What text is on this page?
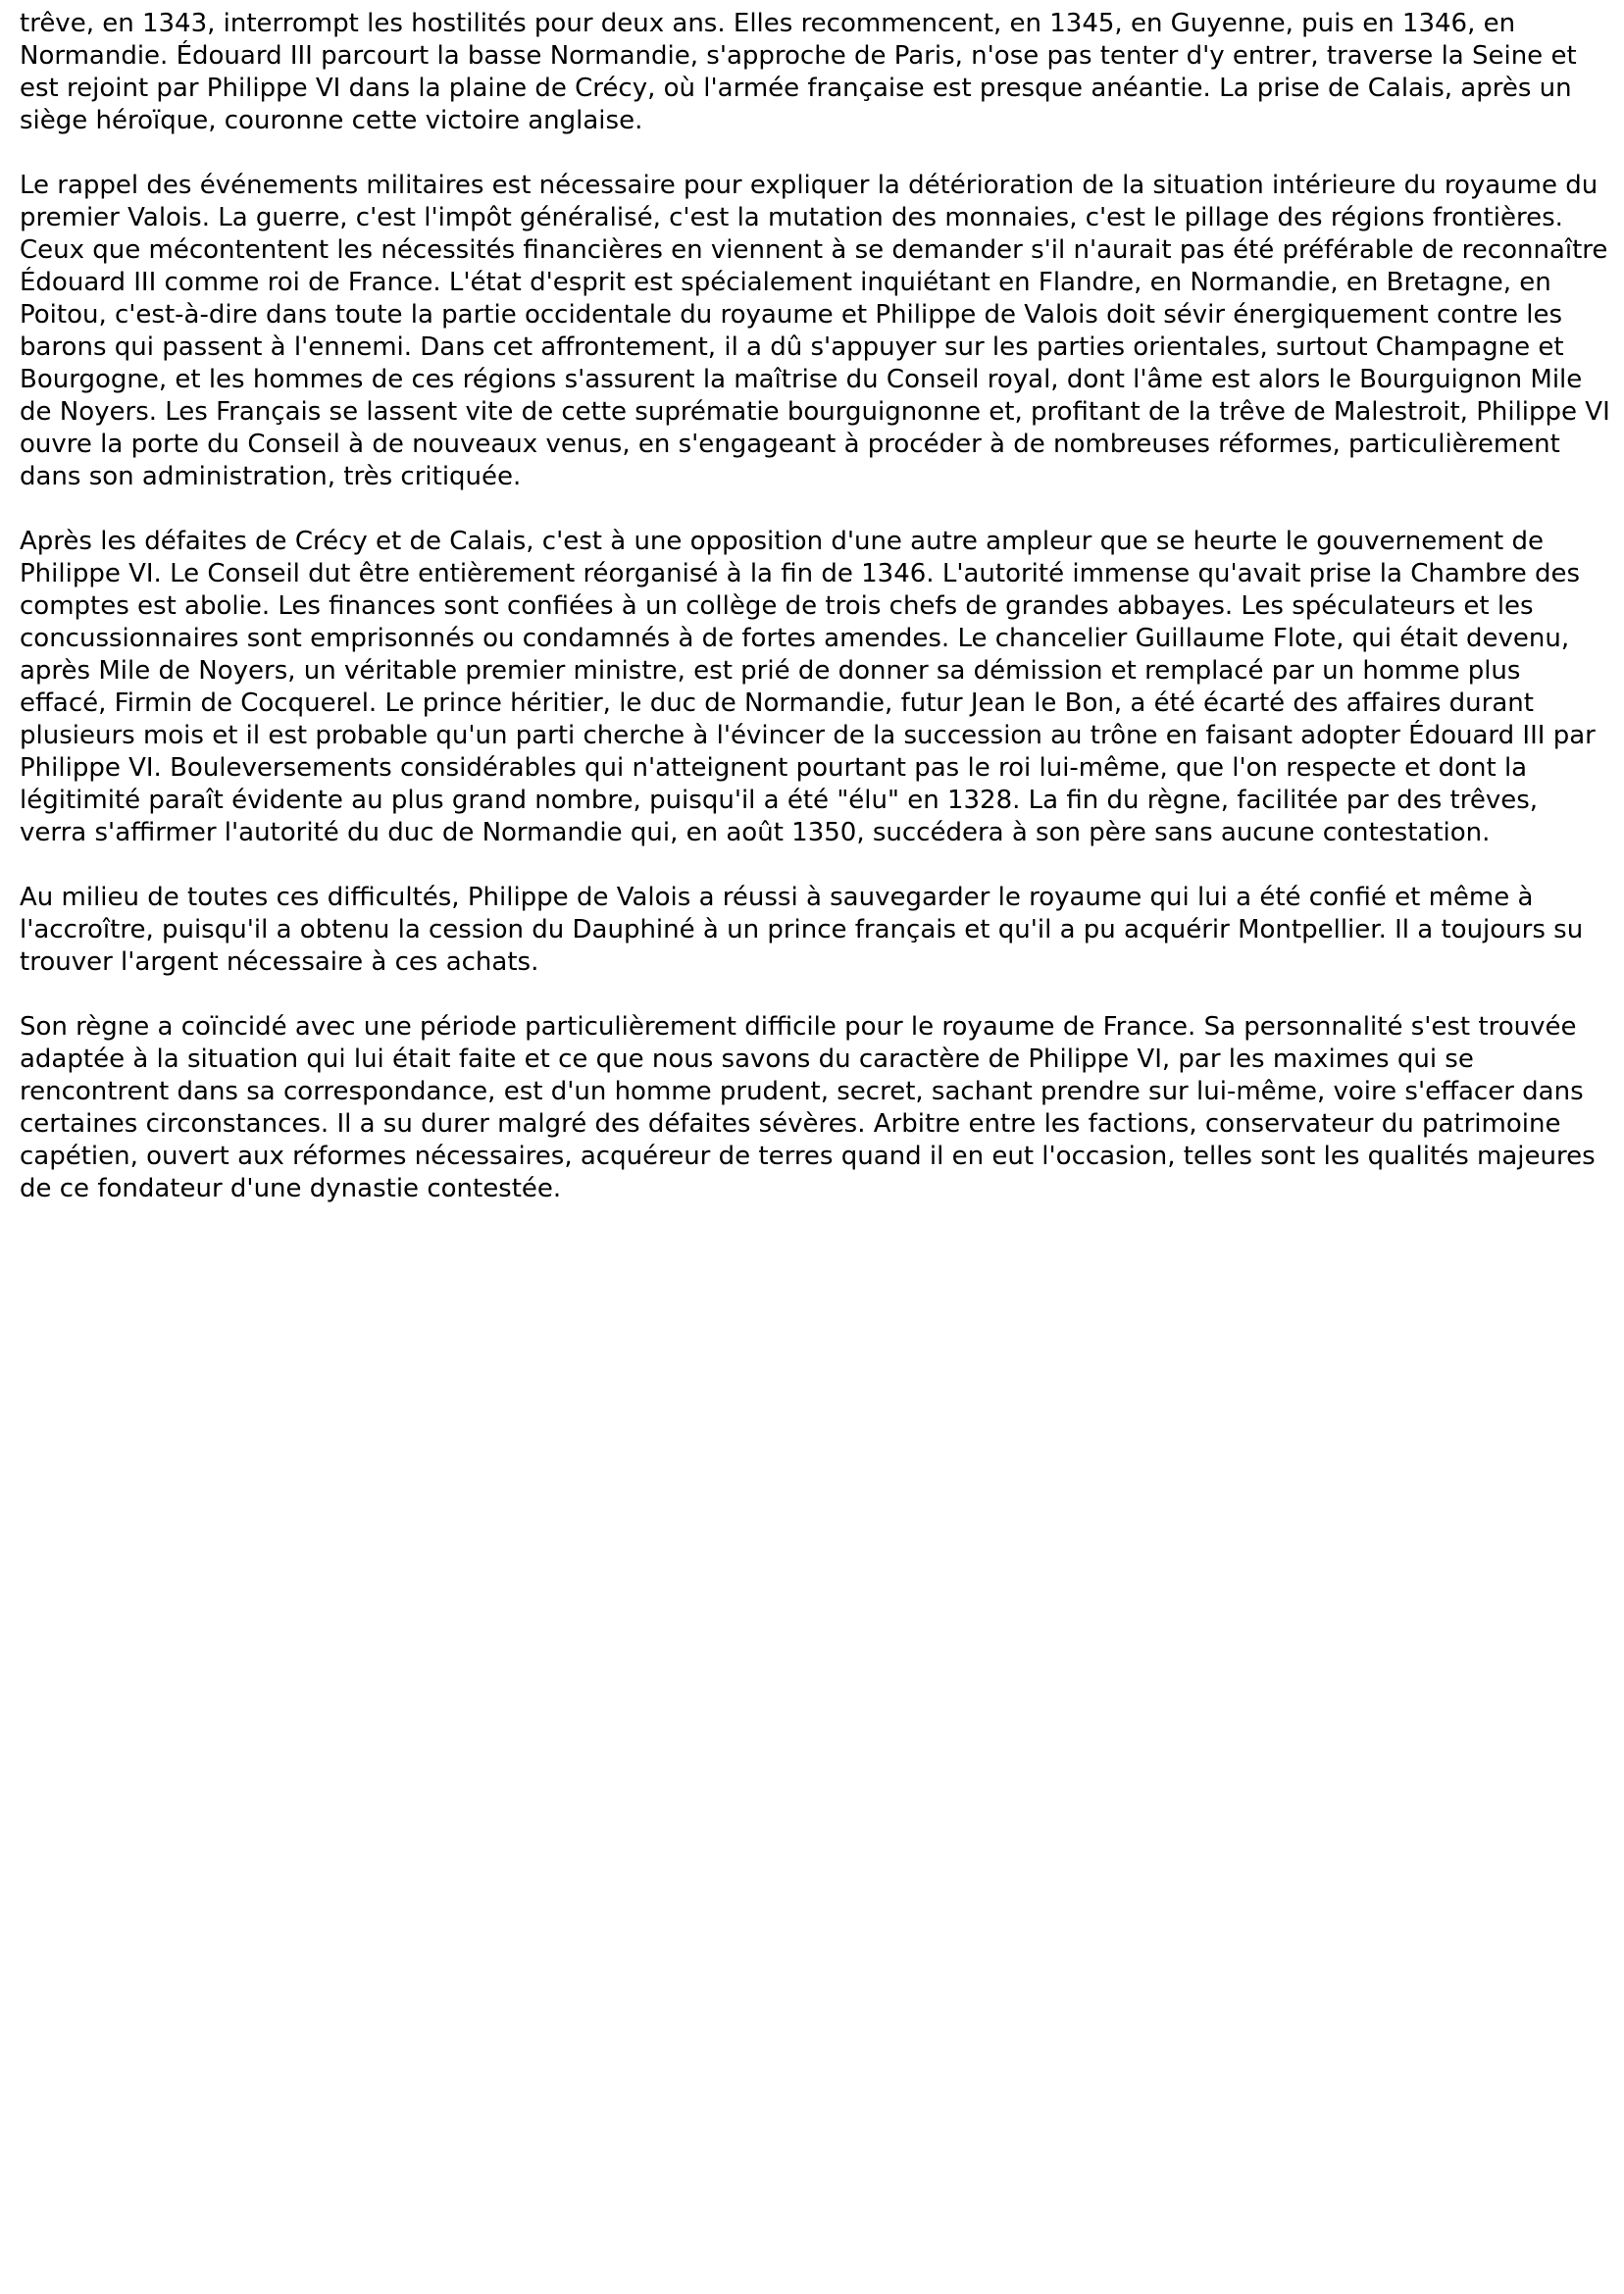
trêve, en 1343, interrompt les hostilités pour deux ans. Elles recommencent, en 1345, en Guyenne, puis en 1346, en Normandie. Édouard III parcourt la basse Normandie, s'approche de Paris, n'ose pas tenter d'y entrer, traverse la Seine et est rejoint par Philippe VI dans la plaine de Crécy, où l'armée française est presque anéantie. La prise de Calais, après un siège héroïque, couronne cette victoire anglaise.

Le rappel des événements militaires est nécessaire pour expliquer la détérioration de la situation intérieure du royaume du premier Valois. La guerre, c'est l'impôt généralisé, c'est la mutation des monnaies, c'est le pillage des régions frontières. Ceux que mécontentent les nécessités financières en viennent à se demander s'il n'aurait pas été préférable de reconnaître Édouard III comme roi de France. L'état d'esprit est spécialement inquiétant en Flandre, en Normandie, en Bretagne, en Poitou, c'est-à-dire dans toute la partie occidentale du royaume et Philippe de Valois doit sévir énergiquement contre les barons qui passent à l'ennemi. Dans cet affrontement, il a dû s'appuyer sur les parties orientales, surtout Champagne et Bourgogne, et les hommes de ces régions s'assurent la maîtrise du Conseil royal, dont l'âme est alors le Bourguignon Mile de Noyers. Les Français se lassent vite de cette suprématie bourguignonne et, profitant de la trêve de Malestroit, Philippe VI ouvre la porte du Conseil à de nouveaux venus, en s'engageant à procéder à de nombreuses réformes, particulièrement dans son administration, très critiquée.

Après les défaites de Crécy et de Calais, c'est à une opposition d'une autre ampleur que se heurte le gouvernement de Philippe VI. Le Conseil dut être entièrement réorganisé à la fin de 1346. L'autorité immense qu'avait prise la Chambre des comptes est abolie. Les finances sont confiées à un collège de trois chefs de grandes abbayes. Les spéculateurs et les concussionnaires sont emprisonnés ou condamnés à de fortes amendes. Le chancelier Guillaume Flote, qui était devenu, après Mile de Noyers, un véritable premier ministre, est prié de donner sa démission et remplacé par un homme plus effacé, Firmin de Cocquerel. Le prince héritier, le duc de Normandie, futur Jean le Bon, a été écarté des affaires durant plusieurs mois et il est probable qu'un parti cherche à l'évincer de la succession au trône en faisant adopter Édouard III par Philippe VI. Bouleversements considérables qui n'atteignent pourtant pas le roi lui-même, que l'on respecte et dont la légitimité paraît évidente au plus grand nombre, puisqu'il a été "élu" en 1328. La fin du règne, facilitée par des trêves, verra s'affirmer l'autorité du duc de Normandie qui, en août 1350, succédera à son père sans aucune contestation.

Au milieu de toutes ces difficultés, Philippe de Valois a réussi à sauvegarder le royaume qui lui a été confié et même à l'accroître, puisqu'il a obtenu la cession du Dauphiné à un prince français et qu'il a pu acquérir Montpellier. Il a toujours su trouver l'argent nécessaire à ces achats.

Son règne a coïncidé avec une période particulièrement difficile pour le royaume de France. Sa personnalité s'est trouvée adaptée à la situation qui lui était faite et ce que nous savons du caractère de Philippe VI, par les maximes qui se rencontrent dans sa correspondance, est d'un homme prudent, secret, sachant prendre sur lui-même, voire s'effacer dans certaines circonstances. Il a su durer malgré des défaites sévères. Arbitre entre les factions, conservateur du patrimoine capétien, ouvert aux réformes nécessaires, acquéreur de terres quand il en eut l'occasion, telles sont les qualités majeures de ce fondateur d'une dynastie contestée.
